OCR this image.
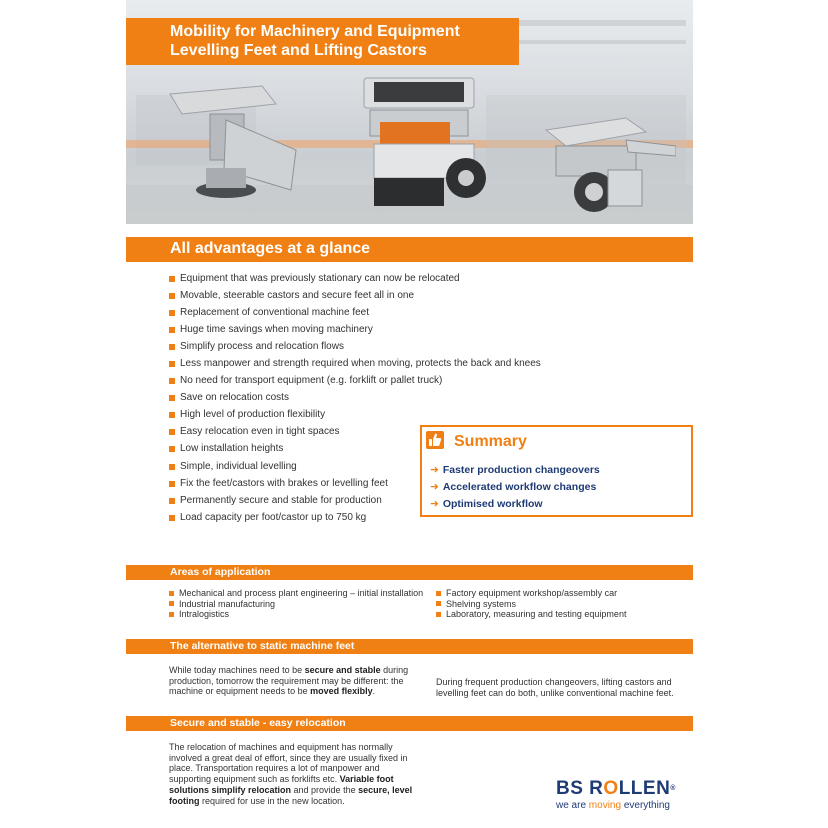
Mobility for Machinery and Equipment
Levelling Feet and Lifting Castors
All advantages at a glance
Equipment that was previously stationary can now be relocated
Movable, steerable castors and secure feet all in one
Replacement of conventional machine feet
Huge time savings when moving machinery
Simplify process and relocation flows
Less manpower and strength required when moving, protects the back and knees
No need for transport equipment (e.g. forklift or pallet truck)
Save on relocation costs
High level of production flexibility
Easy relocation even in tight spaces
Low installation heights
Simple, individual levelling
Fix the feet/castors with brakes or levelling feet
Permanently secure and stable for production
Load capacity per foot/castor up to 750 kg
Summary
➜ Faster production changeovers
➜ Accelerated workflow changes
➜ Optimised workflow
Areas of application
Mechanical and process plant engineering – initial installation
Industrial manufacturing
Intralogistics
Factory equipment workshop/assembly car
Shelving systems
Laboratory, measuring and testing equipment
The alternative to static machine feet
While today machines need to be secure and stable during production, tomorrow the requirement may be different: the machine or equipment needs to be moved flexibly.
During frequent production changeovers, lifting castors and levelling feet can do both, unlike conventional machine feet.
Secure and stable - easy relocation
The relocation of machines and equipment has normally involved a great deal of effort, since they are usually fixed in place. Transportation requires a lot of manpower and supporting equipment such as forklifts etc. Variable foot solutions simplify relocation and provide the secure, level footing required for use in the new location.
BS ROLLEN®
we are moving everything
